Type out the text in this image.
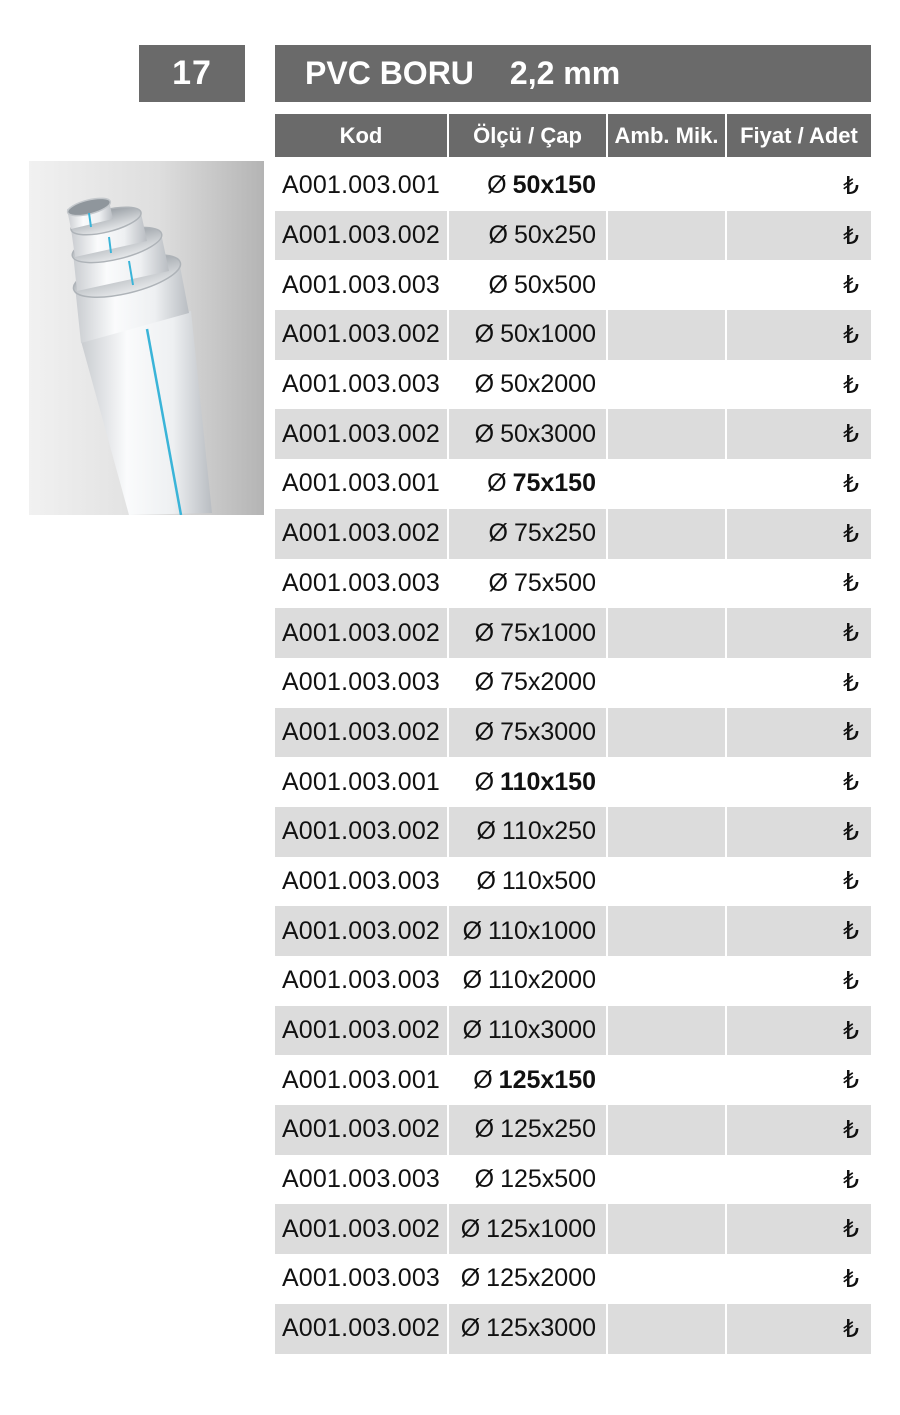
17	PVC BORU 2,2 mm
Kod	Ölçü / Çap	Amb. Mik.	Fiyat / Adet
A001.003.001	Ø 50x150		₺
A001.003.002	Ø 50x250		₺
A001.003.003	Ø 50x500		₺
A001.003.002	Ø 50x1000		₺
A001.003.003	Ø 50x2000		₺
A001.003.002	Ø 50x3000		₺
A001.003.001	Ø 75x150		₺
A001.003.002	Ø 75x250		₺
A001.003.003	Ø 75x500		₺
A001.003.002	Ø 75x1000		₺
A001.003.003	Ø 75x2000		₺
A001.003.002	Ø 75x3000		₺
A001.003.001	Ø 110x150		₺
A001.003.002	Ø 110x250		₺
A001.003.003	Ø 110x500		₺
A001.003.002	Ø 110x1000		₺
A001.003.003	Ø 110x2000		₺
A001.003.002	Ø 110x3000		₺
A001.003.001	Ø 125x150		₺
A001.003.002	Ø 125x250		₺
A001.003.003	Ø 125x500		₺
A001.003.002	Ø 125x1000		₺
A001.003.003	Ø 125x2000		₺
A001.003.002	Ø 125x3000		₺
